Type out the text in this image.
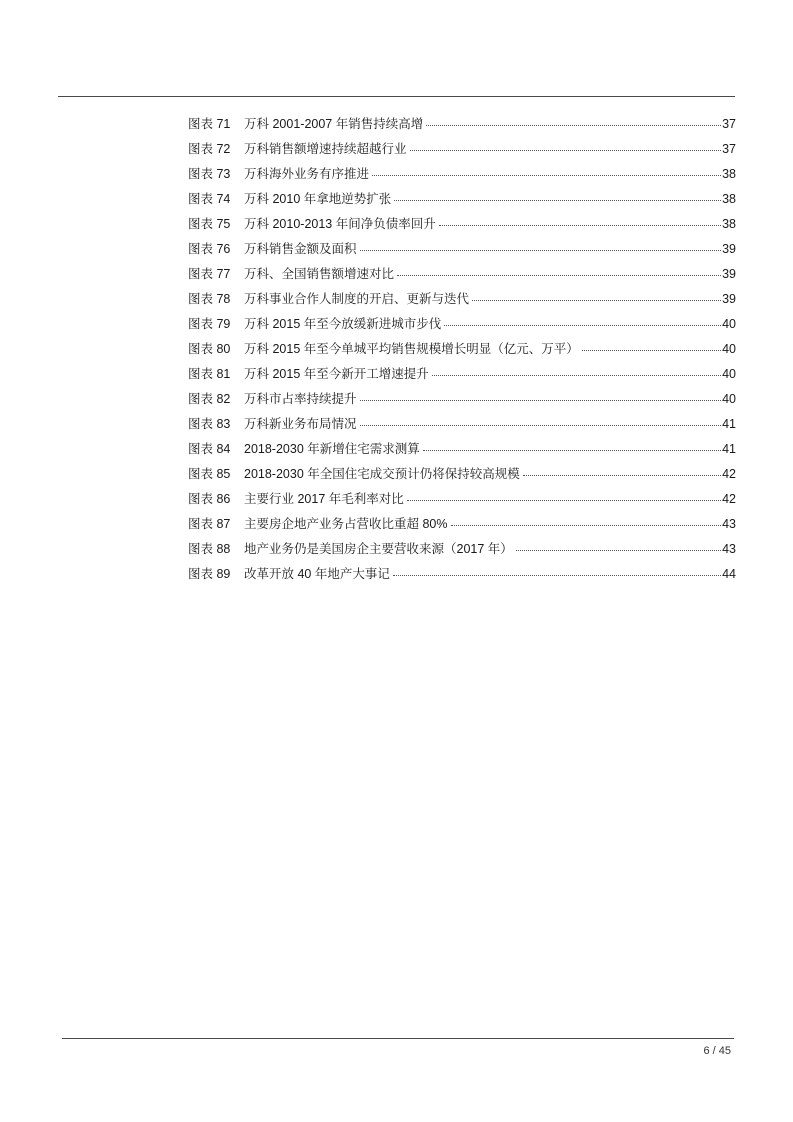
图表 71	万科 2001-2007 年销售持续高增	37
图表 72	万科销售额增速持续超越行业	37
图表 73	万科海外业务有序推进	38
图表 74	万科 2010 年拿地逆势扩张	38
图表 75	万科 2010-2013 年间净负债率回升	38
图表 76	万科销售金额及面积	39
图表 77	万科、全国销售额增速对比	39
图表 78	万科事业合作人制度的开启、更新与迭代	39
图表 79	万科 2015 年至今放缓新进城市步伐	40
图表 80	万科 2015 年至今单城平均销售规模增长明显（亿元、万平）	40
图表 81	万科 2015 年至今新开工增速提升	40
图表 82	万科市占率持续提升	40
图表 83	万科新业务布局情况	41
图表 84	2018-2030 年新增住宅需求测算	41
图表 85	2018-2030 年全国住宅成交预计仍将保持较高规模	42
图表 86	主要行业 2017 年毛利率对比	42
图表 87	主要房企地产业务占营收比重超 80%	43
图表 88	地产业务仍是美国房企主要营收来源（2017 年）	43
图表 89	改革开放 40 年地产大事记	44
6 / 45
